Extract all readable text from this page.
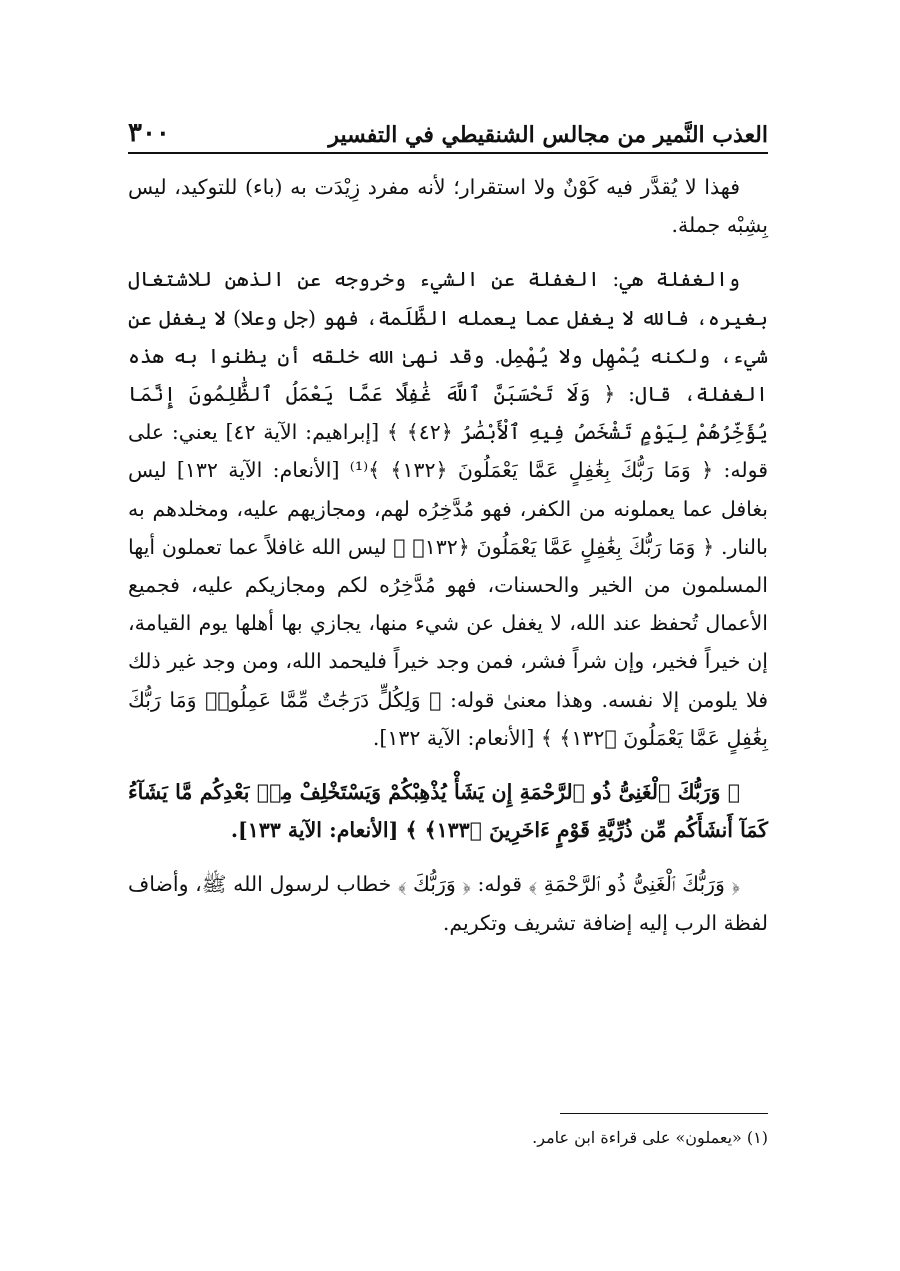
العذب النَّمير من مجالس الشنقيطي في التفسير
٣٠٠

فهذا لا يُقدَّر فيه كَوْنٌ ولا استقرار؛ لأنه مفرد زِيْدَت به (باء) للتوكيد، ليس بِشِبْه جملة.

والغفلة هي: الغفلة عن الشيء وخروجه عن الذهن للاشتغال بغيره، فالله لا يغفل عما يعمله الظَّلَمة، فهو (جل وعلا) لا يغفل عن شيء، ولكنه يُمْهِل ولا يُهْمِل. وقد نهىٰ الله خلقه أن يظنوا به هذه الغفلة، قال: ﴿ وَلَا تَحْسَبَنَّ ٱللَّهَ غَٰفِلًا عَمَّا يَعْمَلُ ٱلظَّٰلِمُونَ إِنَّمَا يُؤَخِّرُهُمْ لِيَوْمٍ تَشْخَصُ فِيهِ ٱلْأَبْصَٰرُ ﴿٤٢﴾ ﴾ [إبراهيم: الآية ٤٢] يعني: على قوله: ﴿ وَمَا رَبُّكَ بِغَٰفِلٍ عَمَّا يَعْمَلُونَ ﴿١٣٢﴾ ﴾⁽¹⁾ [الأنعام: الآية ١٣٢] ليس بغافل عما يعملونه من الكفر، فهو مُدَّخِرُه لهم، ومجازيهم عليه، ومخلدهم به بالنار. ﴿ وَمَا رَبُّكَ بِغَٰفِلٍ عَمَّا يَعْمَلُونَ ﴿١٣٢﴾ ﴾ ليس الله غافلاً عما تعملون أيها المسلمون من الخير والحسنات، فهو مُدَّخِرُه لكم ومجازيكم عليه، فجميع الأعمال تُحفظ عند الله، لا يغفل عن شيء منها، يجازي بها أهلها يوم القيامة، إن خيراً فخير، وإن شراً فشر، فمن وجد خيراً فليحمد الله، ومن وجد غير ذلك فلا يلومن إلا نفسه. وهذا معنىٰ قوله: ﴿ وَلِكُلٍّ دَرَجَٰتٌ مِّمَّا عَمِلُوا۟ وَمَا رَبُّكَ بِغَٰفِلٍ عَمَّا يَعْمَلُونَ ﴿١٣٢﴾ ﴾ [الأنعام: الآية ١٣٢].

﴿ وَرَبُّكَ ٱلْغَنِىُّ ذُو ٱلرَّحْمَةِ إِن يَشَأْ يُذْهِبْكُمْ وَيَسْتَخْلِفْ مِنۢ بَعْدِكُم مَّا يَشَآءُ كَمَآ أَنشَأَكُم مِّن ذُرِّيَّةِ قَوْمٍ ءَاخَرِينَ ﴿١٣٣﴾ ﴾ [الأنعام: الآية ١٣٣].

﴿ وَرَبُّكَ ٱلْغَنِىُّ ذُو ٱلرَّحْمَةِ ﴾ قوله: ﴿ وَرَبُّكَ ﴾ خطاب لرسول الله ﷺ، وأضاف لفظة الرب إليه إضافة تشريف وتكريم.

(١) «يعملون» على قراءة ابن عامر.
